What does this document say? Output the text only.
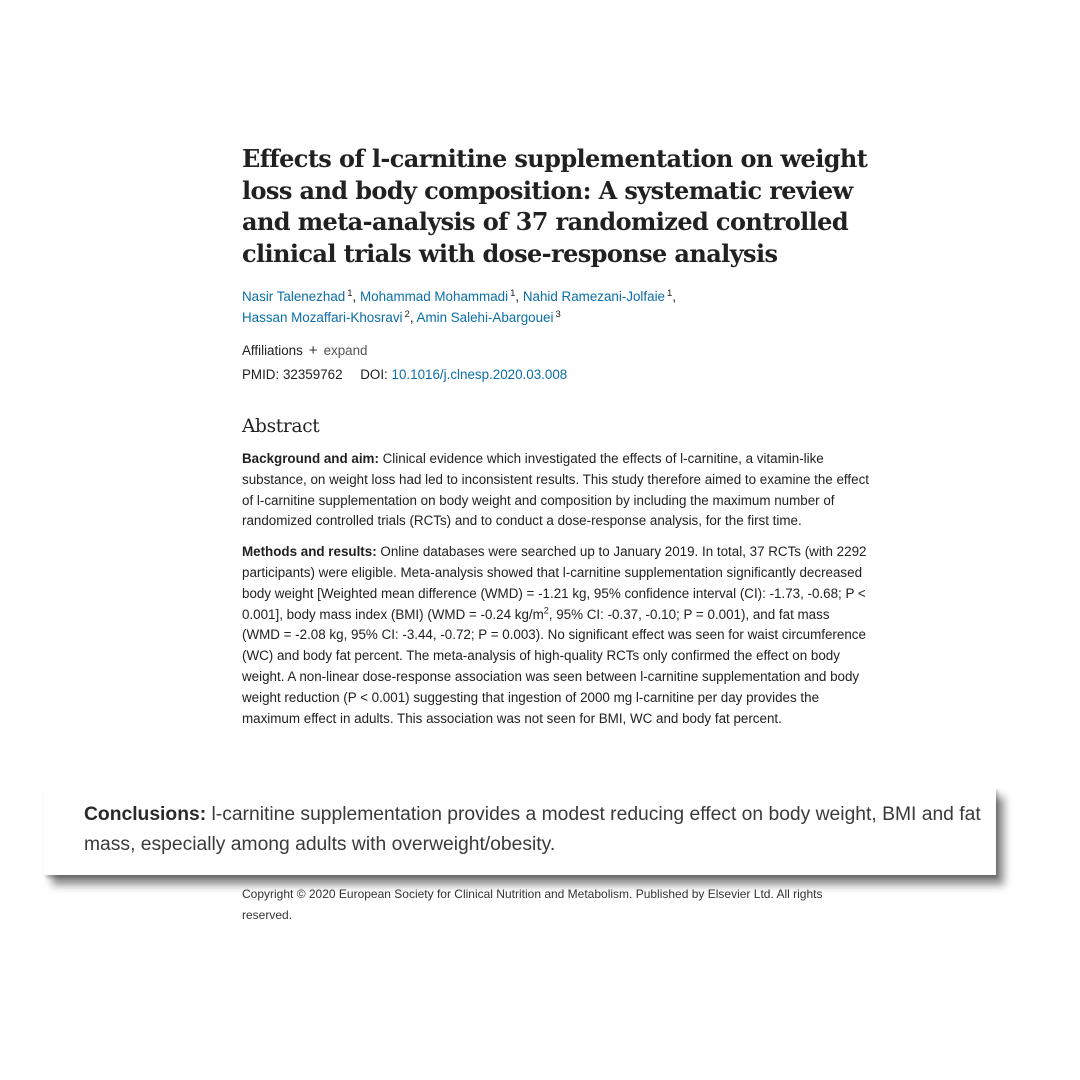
Effects of l-carnitine supplementation on weight loss and body composition: A systematic review and meta-analysis of 37 randomized controlled clinical trials with dose-response analysis
Nasir Talenezhad $^1$, Mohammad Mohammadi $^1$, Nahid Ramezani-Jolfaie $^1$,
Hassan Mozaffari-Khosravi $^2$, Amin Salehi-Abargouei $^3$
Affiliations + expand
PMID: 32359762 DOI: 10.1016/j.clnesp.2020.03.008
Abstract

Background and aim: Clinical evidence which investigated the effects of l-carnitine, a vitamin-like substance, on weight loss had led to inconsistent results. This study therefore aimed to examine the effect of l-carnitine supplementation on body weight and composition by including the maximum number of randomized controlled trials (RCTs) and to conduct a dose-response analysis, for the first time.

Methods and results: Online databases were searched up to January 2019. In total, 37 RCTs (with 2292 participants) were eligible. Meta-analysis showed that l-carnitine supplementation significantly decreased body weight [Weighted mean difference (WMD) = -1.21 kg, 95% confidence interval (CI): -1.73, -0.68; P < 0.001], body mass index (BMI) (WMD = -0.24 $kg/m^2$, 95% CI: -0.37, -0.10; P = 0.001), and fat mass (WMD = -2.08 kg, 95% CI: -3.44, -0.72; P = 0.003). No significant effect was seen for waist circumference (WC) and body fat percent. The meta-analysis of high-quality RCTs only confirmed the effect on body weight. A non-linear dose-response association was seen between l-carnitine supplementation and body weight reduction (P < 0.001) suggesting that ingestion of 2000 mg l-carnitine per day provides the maximum effect in adults. This association was not seen for BMI, WC and body fat percent.

Copyright © 2020 European Society for Clinical Nutrition and Metabolism. Published by Elsevier Ltd. All rights reserved.
Conclusions: l-carnitine supplementation provides a modest reducing effect on body weight, BMI and fat mass, especially among adults with overweight/obesity.
